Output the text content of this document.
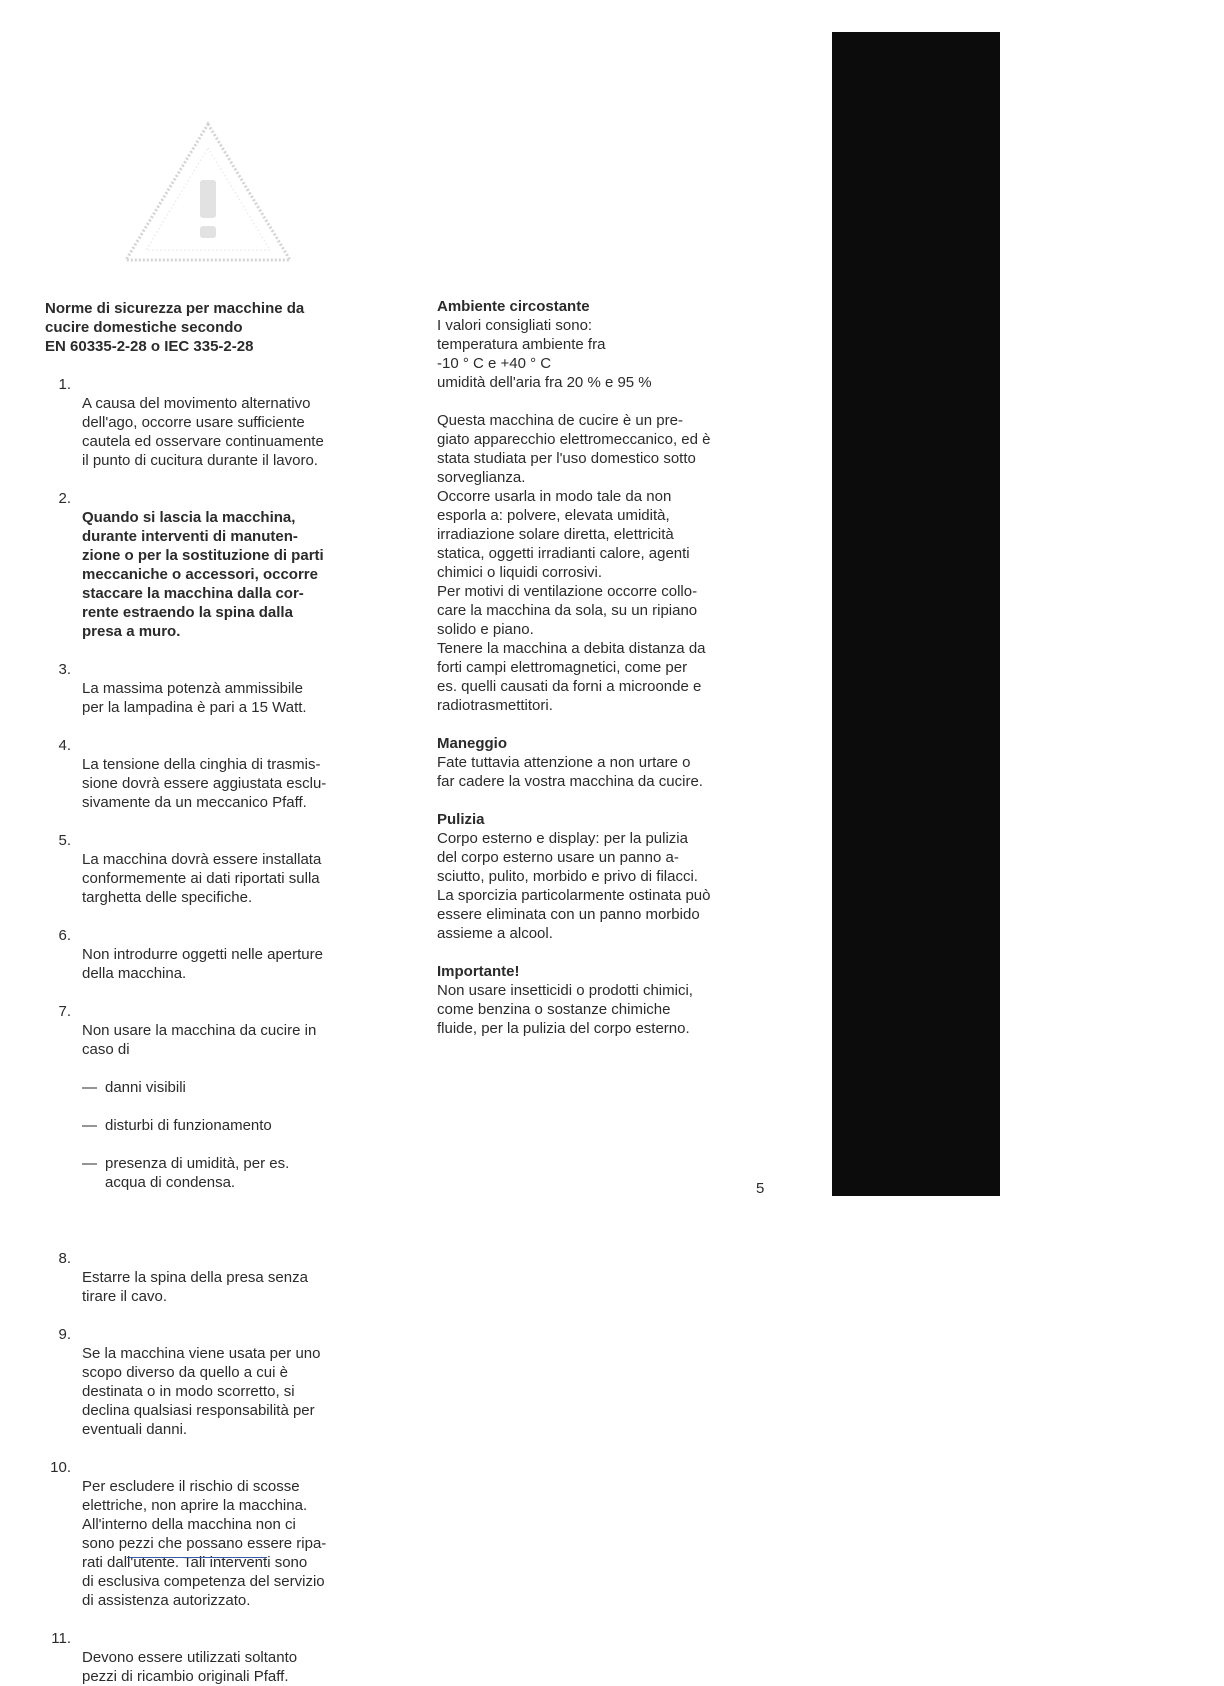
Norme di sicurezza per macchine da
cucire domestiche secondo
EN 60335-2-28 o IEC 335-2-28

1.

A causa del movimento alternativo
dell'ago, occorre usare sufficiente
cautela ed osservare continuamente
il punto di cucitura durante il lavoro.

2.

Quando si lascia la macchina,
durante interventi di manuten-
zione o per la sostituzione di parti
meccaniche o accessori, occorre
staccare la macchina dalla cor-
rente estraendo la spina dalla
presa a muro.

3.

La massima potenzà ammissibile
per la lampadina è pari a 15 Watt.

4.

La tensione della cinghia di trasmis-
sione dovrà essere aggiustata esclu-
sivamente da un meccanico Pfaff.

5.

La macchina dovrà essere installata
conformemente ai dati riportati sulla
targhetta delle specifiche.

6.

Non introdurre oggetti nelle aperture
della macchina.

7.

Non usare la macchina da cucire in
caso di

— danni visibili

— disturbi di funzionamento

— presenza di umidità, per es.
acqua di condensa.

8.

Estarre la spina della presa senza
tirare il cavo.

9.

Se la macchina viene usata per uno
scopo diverso da quello a cui è
destinata o in modo scorretto, si
declina qualsiasi responsabilità per
eventuali danni.

10.

Per escludere il rischio di scosse
elettriche, non aprire la macchina.
All'interno della macchina non ci
sono pezzi che possano essere ripa-
rati dall'utente. Tali interventi sono
di esclusiva competenza del servizio
di assistenza autorizzato.

11.

Devono essere utilizzati soltanto
pezzi di ricambio originali Pfaff.

Ambiente circostante

I valori consigliati sono:
temperatura ambiente fra
-10 ° C e +40 ° C
umidità dell'aria fra 20 % e 95 %

Questa macchina de cucire è un pre-
giato apparecchio elettromeccanico, ed è
stata studiata per l'uso domestico sotto
sorveglianza.
Occorre usarla in modo tale da non
esporla a: polvere, elevata umidità,
irradiazione solare diretta, elettricità
statica, oggetti irradianti calore, agenti
chimici o liquidi corrosivi.
Per motivi di ventilazione occorre collo-
care la macchina da sola, su un ripiano
solido e piano.
Tenere la macchina a debita distanza da
forti campi elettromagnetici, come per
es. quelli causati da forni a microonde e
radiotrasmettitori.

Maneggio

Fate tuttavia attenzione a non urtare o
far cadere la vostra macchina da cucire.

Pulizia

Corpo esterno e display: per la pulizia
del corpo esterno usare un panno a-
sciutto, pulito, morbido e privo di filacci.
La sporcizia particolarmente ostinata può
essere eliminata con un panno morbido
assieme a alcool.

Importante!

Non usare insetticidi o prodotti chimici,
come benzina o sostanze chimiche
fluide, per la pulizia del corpo esterno.

5
